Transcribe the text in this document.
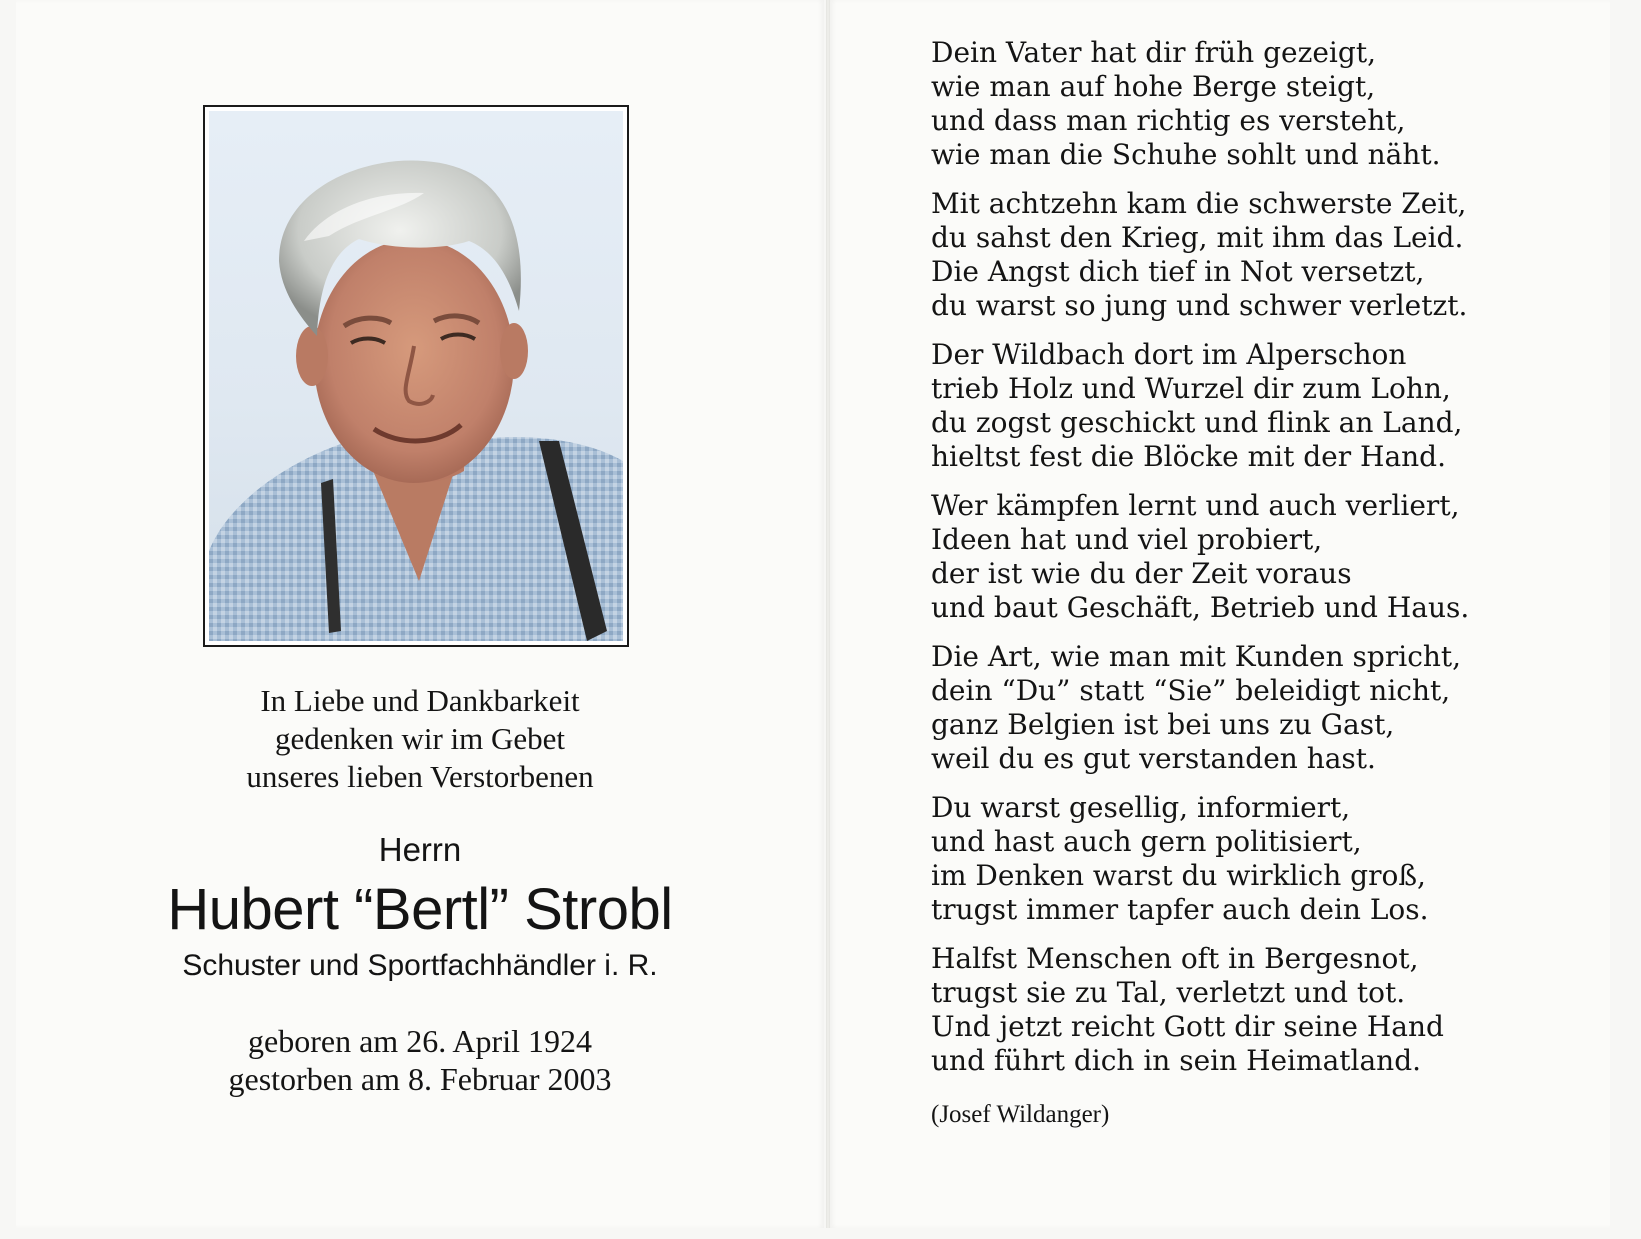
In Liebe und Dankbarkeit
gedenken wir im Gebet
unseres lieben Verstorbenen
Herrn
Hubert “Bertl” Strobl
Schuster und Sportfachhändler i. R.
geboren am 26. April 1924
gestorben am 8. Februar 2003
Dein Vater hat dir früh gezeigt,
wie man auf hohe Berge steigt,
und dass man richtig es versteht,
wie man die Schuhe sohlt und näht.
Mit achtzehn kam die schwerste Zeit,
du sahst den Krieg, mit ihm das Leid.
Die Angst dich tief in Not versetzt,
du warst so jung und schwer verletzt.
Der Wildbach dort im Alperschon
trieb Holz und Wurzel dir zum Lohn,
du zogst geschickt und flink an Land,
hieltst fest die Blöcke mit der Hand.
Wer kämpfen lernt und auch verliert,
Ideen hat und viel probiert,
der ist wie du der Zeit voraus
und baut Geschäft, Betrieb und Haus.
Die Art, wie man mit Kunden spricht,
dein “Du” statt “Sie” beleidigt nicht,
ganz Belgien ist bei uns zu Gast,
weil du es gut verstanden hast.
Du warst gesellig, informiert,
und hast auch gern politisiert,
im Denken warst du wirklich groß,
trugst immer tapfer auch dein Los.
Halfst Menschen oft in Bergesnot,
trugst sie zu Tal, verletzt und tot.
Und jetzt reicht Gott dir seine Hand
und führt dich in sein Heimatland.
(Josef Wildanger)
